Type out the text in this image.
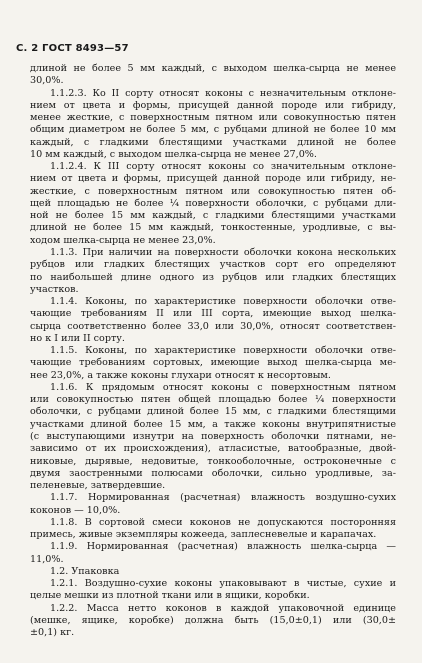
С. 2 ГОСТ 8493—57
длиной не более 5 мм каждый, с выходом шелка-сырца не менее
30,0%.
1.1.2.3. Ко II сорту относят коконы с незначительным отклоне-
нием от цвета и формы, присущей данной породе или гибриду,
менее жесткие, с поверхностным пятном или совокупностью пятен
общим диаметром не более 5 мм, с рубцами длиной не более 10 мм
каждый, с гладкими блестящими участками длиной не более
10 мм каждый, с выходом шелка-сырца не менее 27,0%.
1.1.2.4. К III сорту относят коконы со значительным отклоне-
нием от цвета и формы, присущей данной породе или гибриду, не-
жесткие, с поверхностным пятном или совокупностью пятен об-
щей площадью не более ¼ поверхности оболочки, с рубцами дли-
ной не более 15 мм каждый, с гладкими блестящими участками
длиной не более 15 мм каждый, тонкостенные, уродливые, с вы-
ходом шелка-сырца не менее 23,0%.
1.1.3. При наличии на поверхности оболочки кокона нескольких
рубцов или гладких блестящих участков сорт его определяют
по наибольшей длине одного из рубцов или гладких блестящих
участков.
1.1.4. Коконы, по характеристике поверхности оболочки отве-
чающие требованиям II или III сорта, имеющие выход шелка-
сырца соответственно более 33,0 или 30,0%, относят соответствен-
но к I или II сорту.
1.1.5. Коконы, по характеристике поверхности оболочки отве-
чающие требованиям сортовых, имеющие выход шелка-сырца ме-
нее 23,0%, а также коконы глухари относят к несортовым.
1.1.6. К прядомым относят коконы с поверхностным пятном
или совокупностью пятен общей площадью более ¼ поверхности
оболочки, с рубцами длиной более 15 мм, с гладкими блестящими
участками длиной более 15 мм, а также коконы внутрипятнистые
(с выступающими изнутри на поверхность оболочки пятнами, не-
зависимо от их происхождения), атласистые, ватообразные, двой-
никовые, дырявые, недовитые, тонкооболочные, остроконечные с
двумя заостренными полюсами оболочки, сильно уродливые, за-
пеленевые, затвердевшие.
1.1.7. Нормированная (расчетная) влажность воздушно-сухих
коконов — 10,0%.
1.1.8. В сортовой смеси коконов не допускаются посторонняя
примесь, живые экземпляры кожееда, заплесневелые и карапачах.
1.1.9. Нормированная (расчетная) влажность шелка-сырца —
11,0%.
1.2. Упаковка
1.2.1. Воздушно-сухие коконы упаковывают в чистые, сухие и
целые мешки из плотной ткани или в ящики, коробки.
1.2.2. Масса нетто коконов в каждой упаковочной единице
(мешке, ящике, коробке) должна быть (15,0±0,1) или (30,0±
±0,1) кг.
